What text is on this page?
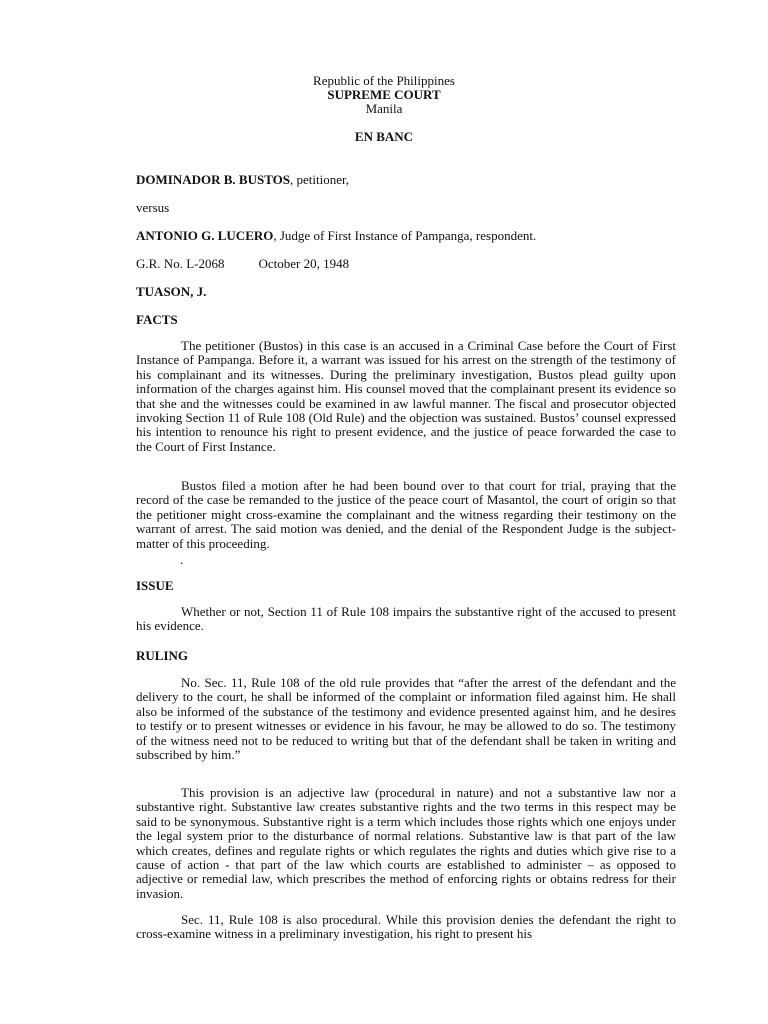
Republic of the Philippines
SUPREME COURT
Manila
EN BANC
DOMINADOR B. BUSTOS, petitioner,
versus
ANTONIO G. LUCERO, Judge of First Instance of Pampanga, respondent.
G.R. No. L-2068	October 20, 1948
TUASON, J.
FACTS

The petitioner (Bustos) in this case is an accused in a Criminal Case before the Court of First Instance of Pampanga. Before it, a warrant was issued for his arrest on the strength of the testimony of his complainant and its witnesses. During the preliminary investigation, Bustos plead guilty upon information of the charges against him. His counsel moved that the complainant present its evidence so that she and the witnesses could be examined in aw lawful manner. The fiscal and prosecutor objected invoking Section 11 of Rule 108 (Old Rule) and the objection was sustained. Bustos’ counsel expressed his intention to renounce his right to present evidence, and the justice of peace forwarded the case to the Court of First Instance.

Bustos filed a motion after he had been bound over to that court for trial, praying that the record of the case be remanded to the justice of the peace court of Masantol, the court of origin so that the petitioner might cross-examine the complainant and the witness regarding their testimony on the warrant of arrest. The said motion was denied, and the denial of the Respondent Judge is the subject-matter of this proceeding.

.
ISSUE

Whether or not, Section 11 of Rule 108 impairs the substantive right of the accused to present his evidence.

RULING

No. Sec. 11, Rule 108 of the old rule provides that “after the arrest of the defendant and the delivery to the court, he shall be informed of the complaint or information filed against him. He shall also be informed of the substance of the testimony and evidence presented against him, and he desires to testify or to present witnesses or evidence in his favour, he may be allowed to do so. The testimony of the witness need not to be reduced to writing but that of the defendant shall be taken in writing and subscribed by him.”

This provision is an adjective law (procedural in nature) and not a substantive law nor a substantive right. Substantive law creates substantive rights and the two terms in this respect may be said to be synonymous. Substantive right is a term which includes those rights which one enjoys under the legal system prior to the disturbance of normal relations. Substantive law is that part of the law which creates, defines and regulate rights or which regulates the rights and duties which give rise to a cause of action - that part of the law which courts are established to administer – as opposed to adjective or remedial law, which prescribes the method of enforcing rights or obtains redress for their invasion.

Sec. 11, Rule 108 is also procedural. While this provision denies the defendant the right to cross-examine witness in a preliminary investigation, his right to present his
